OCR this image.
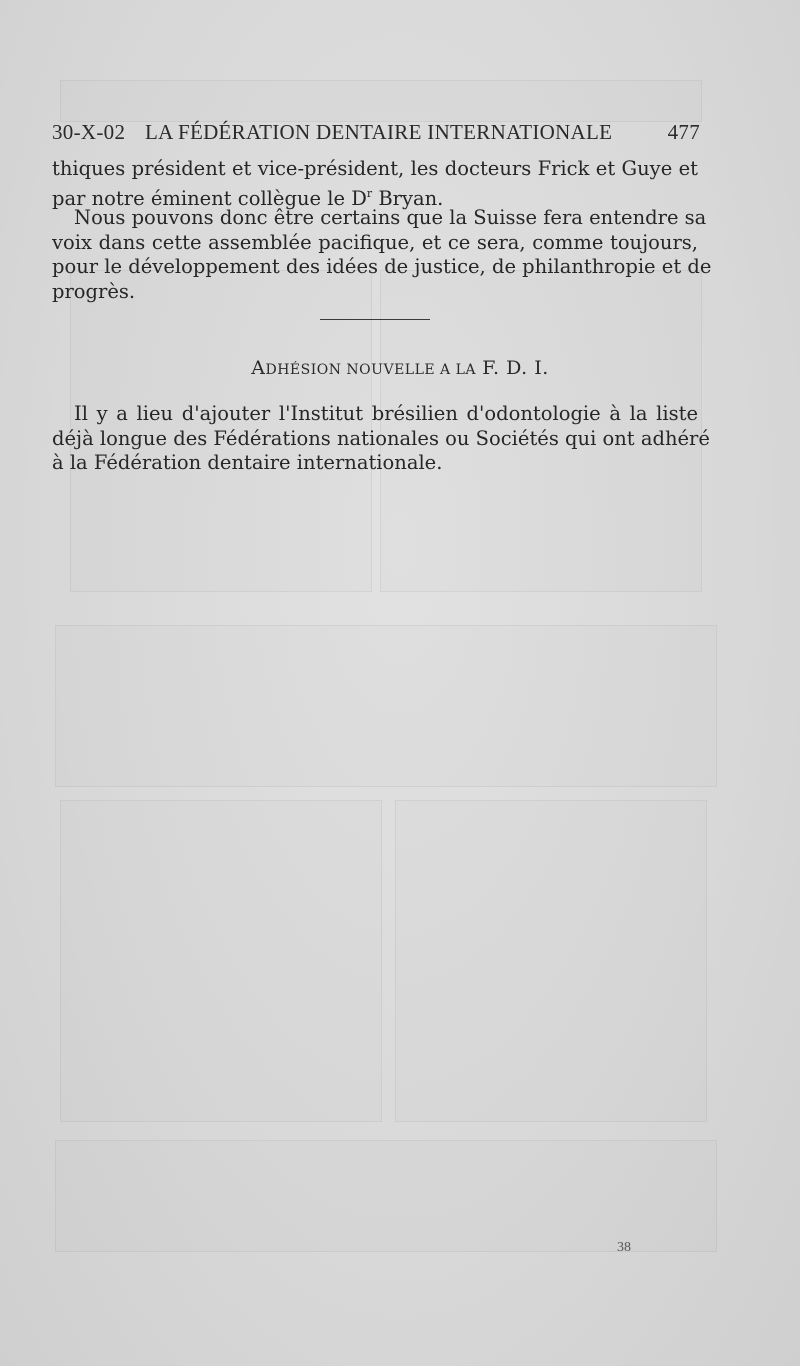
30-X-02 LA FÉDÉRATION DENTAIRE INTERNATIONALE	477
thiques président et vice-président, les docteurs Frick et Guye et
par notre éminent collègue le $D^r$ Bryan.
Nous pouvons donc être certains que la Suisse fera entendre sa
voix dans cette assemblée pacifique, et ce sera, comme toujours,
pour le développement des idées de justice, de philanthropie et de
progrès.
ADHÉSION NOUVELLE A LA F. D. I.
Il y a lieu d'ajouter l'Institut brésilien d'odontologie à la liste
déjà longue des Fédérations nationales ou Sociétés qui ont adhéré
à la Fédération dentaire internationale.
38
